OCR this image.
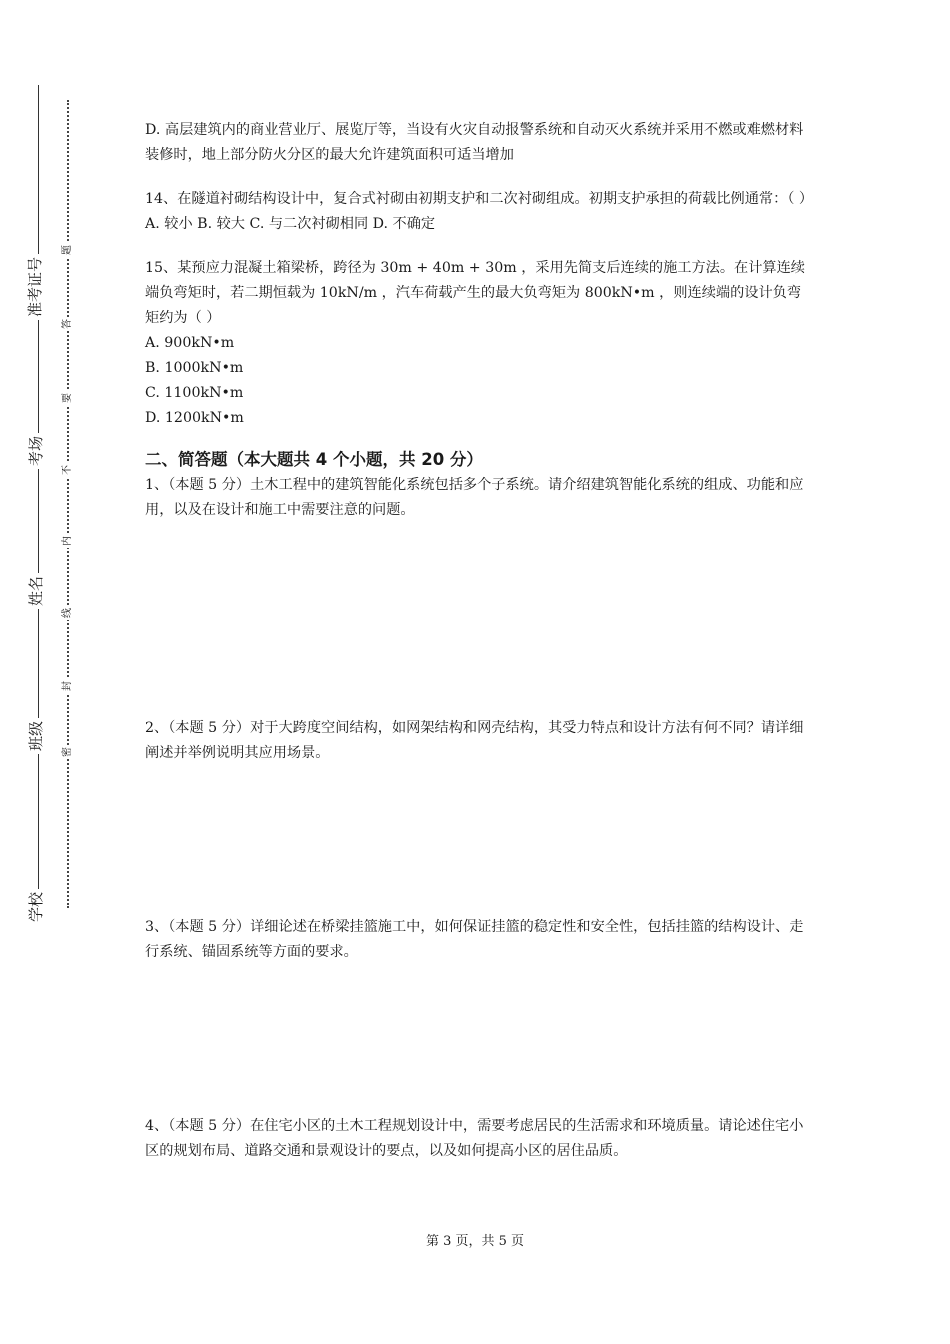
准考证号
考场
姓名
班级
学校
题
答
要
不
内
线
封
密

D. 高层建筑内的商业营业厅、展览厅等，当设有火灾自动报警系统和自动灭火系统并采用不燃或难燃材料装修时，地上部分防火分区的最大允许建筑面积可适当增加

14、在隧道衬砌结构设计中，复合式衬砌由初期支护和二次衬砌组成。初期支护承担的荷载比例通常：（ ）

A. 较小 B. 较大 C. 与二次衬砌相同 D. 不确定

15、某预应力混凝土箱梁桥，跨径为 30m + 40m + 30m ，采用先简支后连续的施工方法。在计算连续端负弯矩时，若二期恒载为 10kN/m ，汽车荷载产生的最大负弯矩为 800kN•m ，则连续端的设计负弯矩约为（ ）

A. 900kN•m

B. 1000kN•m

C. 1100kN•m

D. 1200kN•m

二、简答题（本大题共 4 个小题，共 20 分）

1、（本题 5 分）土木工程中的建筑智能化系统包括多个子系统。请介绍建筑智能化系统的组成、功能和应用，以及在设计和施工中需要注意的问题。

2、（本题 5 分）对于大跨度空间结构，如网架结构和网壳结构，其受力特点和设计方法有何不同？请详细阐述并举例说明其应用场景。
3、（本题 5 分）详细论述在桥梁挂篮施工中，如何保证挂篮的稳定性和安全性，包括挂篮的结构设计、走行系统、锚固系统等方面的要求。
4、（本题 5 分）在住宅小区的土木工程规划设计中，需要考虑居民的生活需求和环境质量。请论述住宅小区的规划布局、道路交通和景观设计的要点，以及如何提高小区的居住品质。
第 3 页，共 5 页
